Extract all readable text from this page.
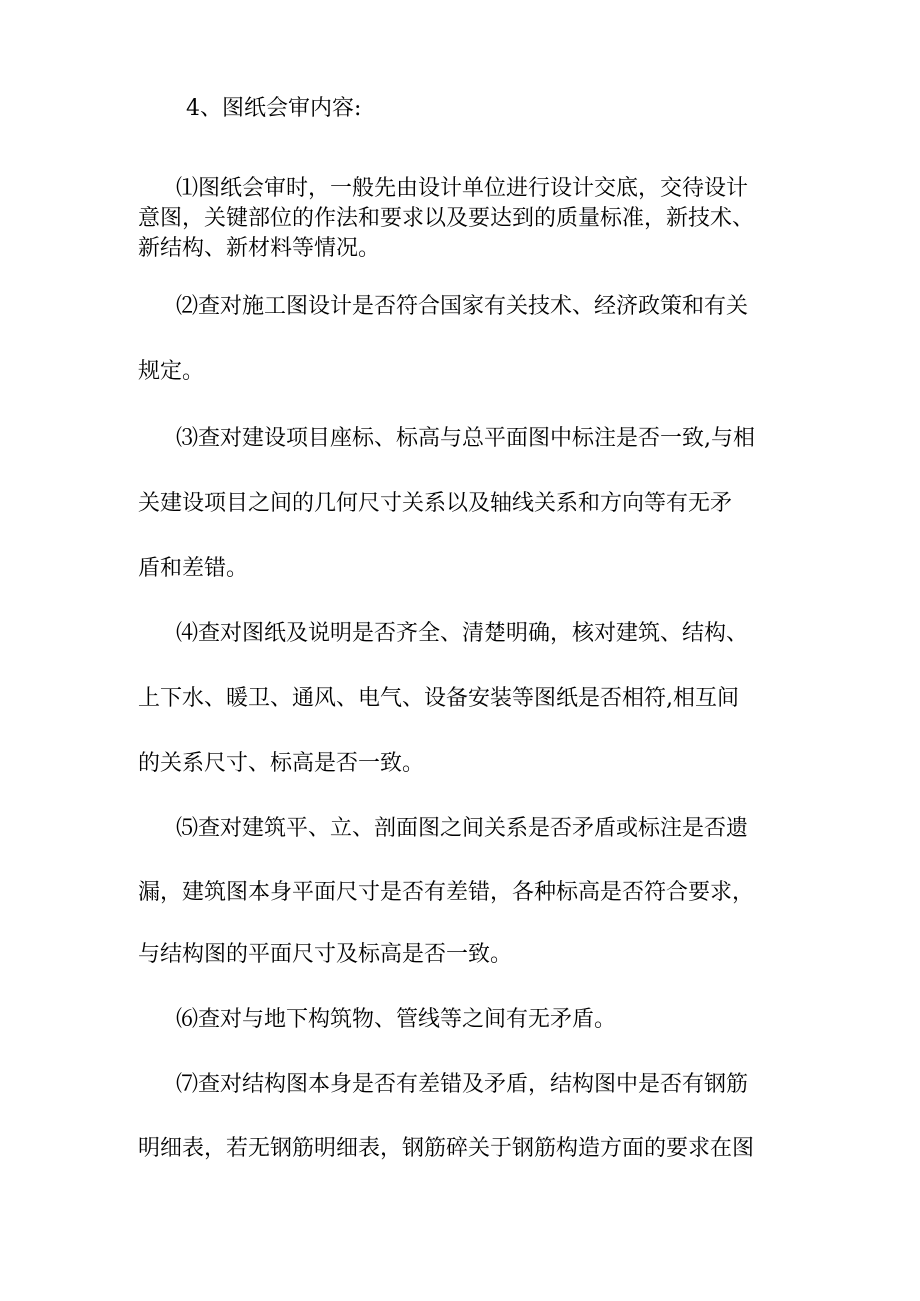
4、图纸会审内容:
⑴图纸会审时，一般先由设计单位进行设计交底，交待设计
意图，关键部位的作法和要求以及要达到的质量标准，新技术、
新结构、新材料等情况。
⑵查对施工图设计是否符合国家有关技术、经济政策和有关
规定。
⑶查对建设项目座标、标高与总平面图中标注是否一致,与相
关建设项目之间的几何尺寸关系以及轴线关系和方向等有无矛
盾和差错。
⑷查对图纸及说明是否齐全、清楚明确，核对建筑、结构、
上下水、暖卫、通风、电气、设备安装等图纸是否相符,相互间
的关系尺寸、标高是否一致。
⑸查对建筑平、立、剖面图之间关系是否矛盾或标注是否遗
漏，建筑图本身平面尺寸是否有差错，各种标高是否符合要求，
与结构图的平面尺寸及标高是否一致。
⑹查对与地下构筑物、管线等之间有无矛盾。
⑺查对结构图本身是否有差错及矛盾，结构图中是否有钢筋
明细表，若无钢筋明细表，钢筋碎关于钢筋构造方面的要求在图
